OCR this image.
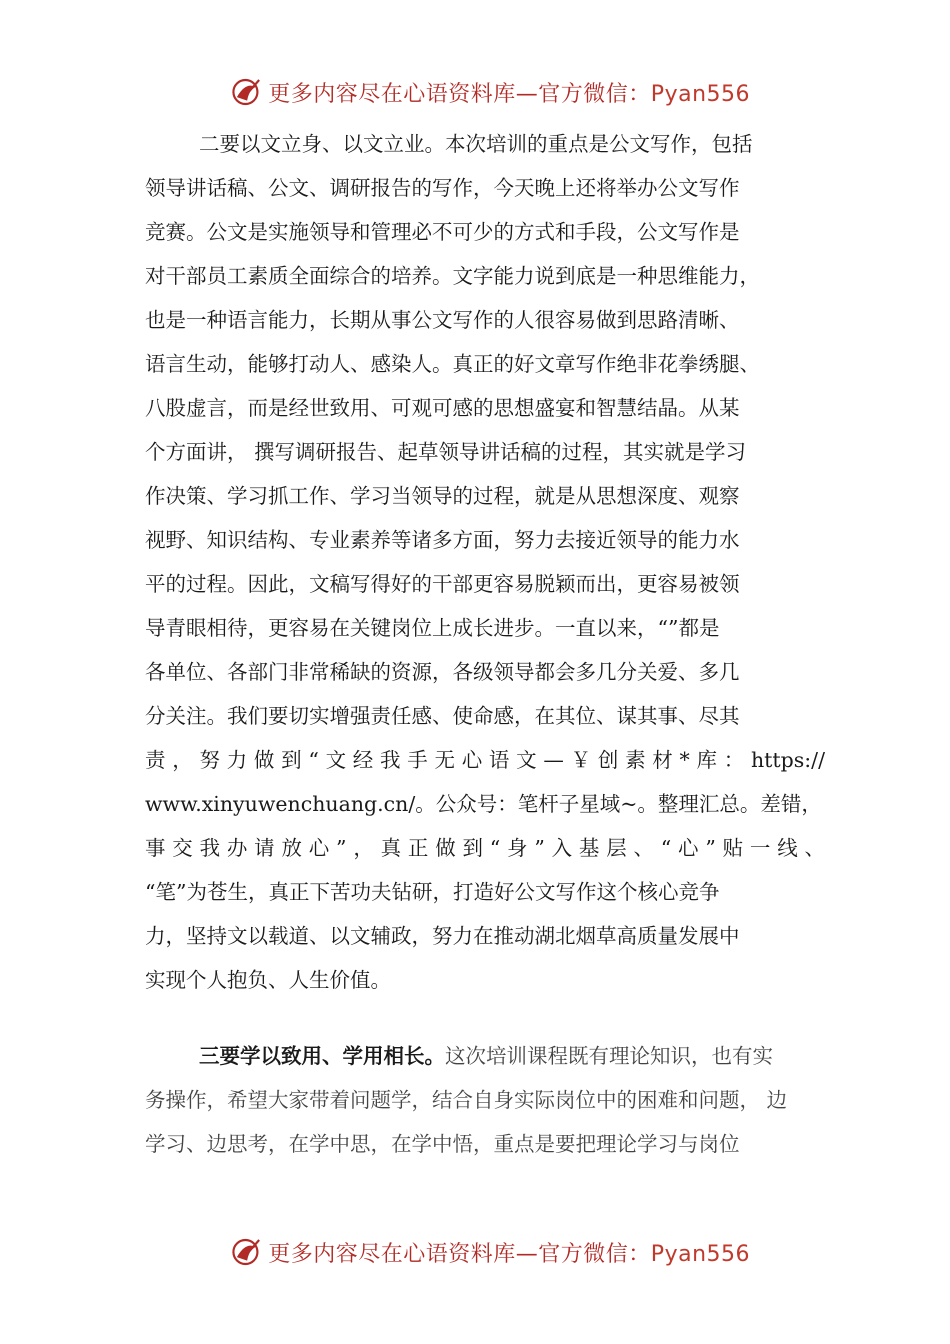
更多内容尽在心语资料库—官方微信：Pyan556
二要以文立身、以文立业。本次培训的重点是公文写作，包括
领导讲话稿、公文、调研报告的写作，今天晚上还将举办公文写作
竞赛。公文是实施领导和管理必不可少的方式和手段，公文写作是
对干部员工素质全面综合的培养。文字能力说到底是一种思维能力，
也是一种语言能力，长期从事公文写作的人很容易做到思路清晰、
语言生动，能够打动人、感染人。真正的好文章写作绝非花拳绣腿、
八股虚言，而是经世致用、可观可感的思想盛宴和智慧结晶。从某
个方面讲， 撰写调研报告、起草领导讲话稿的过程，其实就是学习
作决策、学习抓工作、学习当领导的过程，就是从思想深度、观察
视野、知识结构、专业素养等诸多方面，努力去接近领导的能力水
平的过程。因此，文稿写得好的干部更容易脱颖而出，更容易被领
导青眼相待，更容易在关键岗位上成长进步。一直以来，“”都是
各单位、各部门非常稀缺的资源，各级领导都会多几分关爱、多几
分关注。我们要切实增强责任感、使命感，在其位、谋其事、尽其
责，努力做到“文经我手无心语文—￥创素材*库：https://
www.xinyuwenchuang.cn/。公众号：笔杆子星域~。整理汇总。差错，
事交我办请放心”，真正做到“身”入基层、“心”贴一线、
“笔”为苍生，真正下苦功夫钻研，打造好公文写作这个核心竞争
力，坚持文以载道、以文辅政，努力在推动湖北烟草高质量发展中
实现个人抱负、人生价值。
三要学以致用、学用相长。这次培训课程既有理论知识，也有实
务操作，希望大家带着问题学，结合自身实际岗位中的困难和问题， 边
学习、边思考，在学中思，在学中悟，重点是要把理论学习与岗位
更多内容尽在心语资料库—官方微信：Pyan556
